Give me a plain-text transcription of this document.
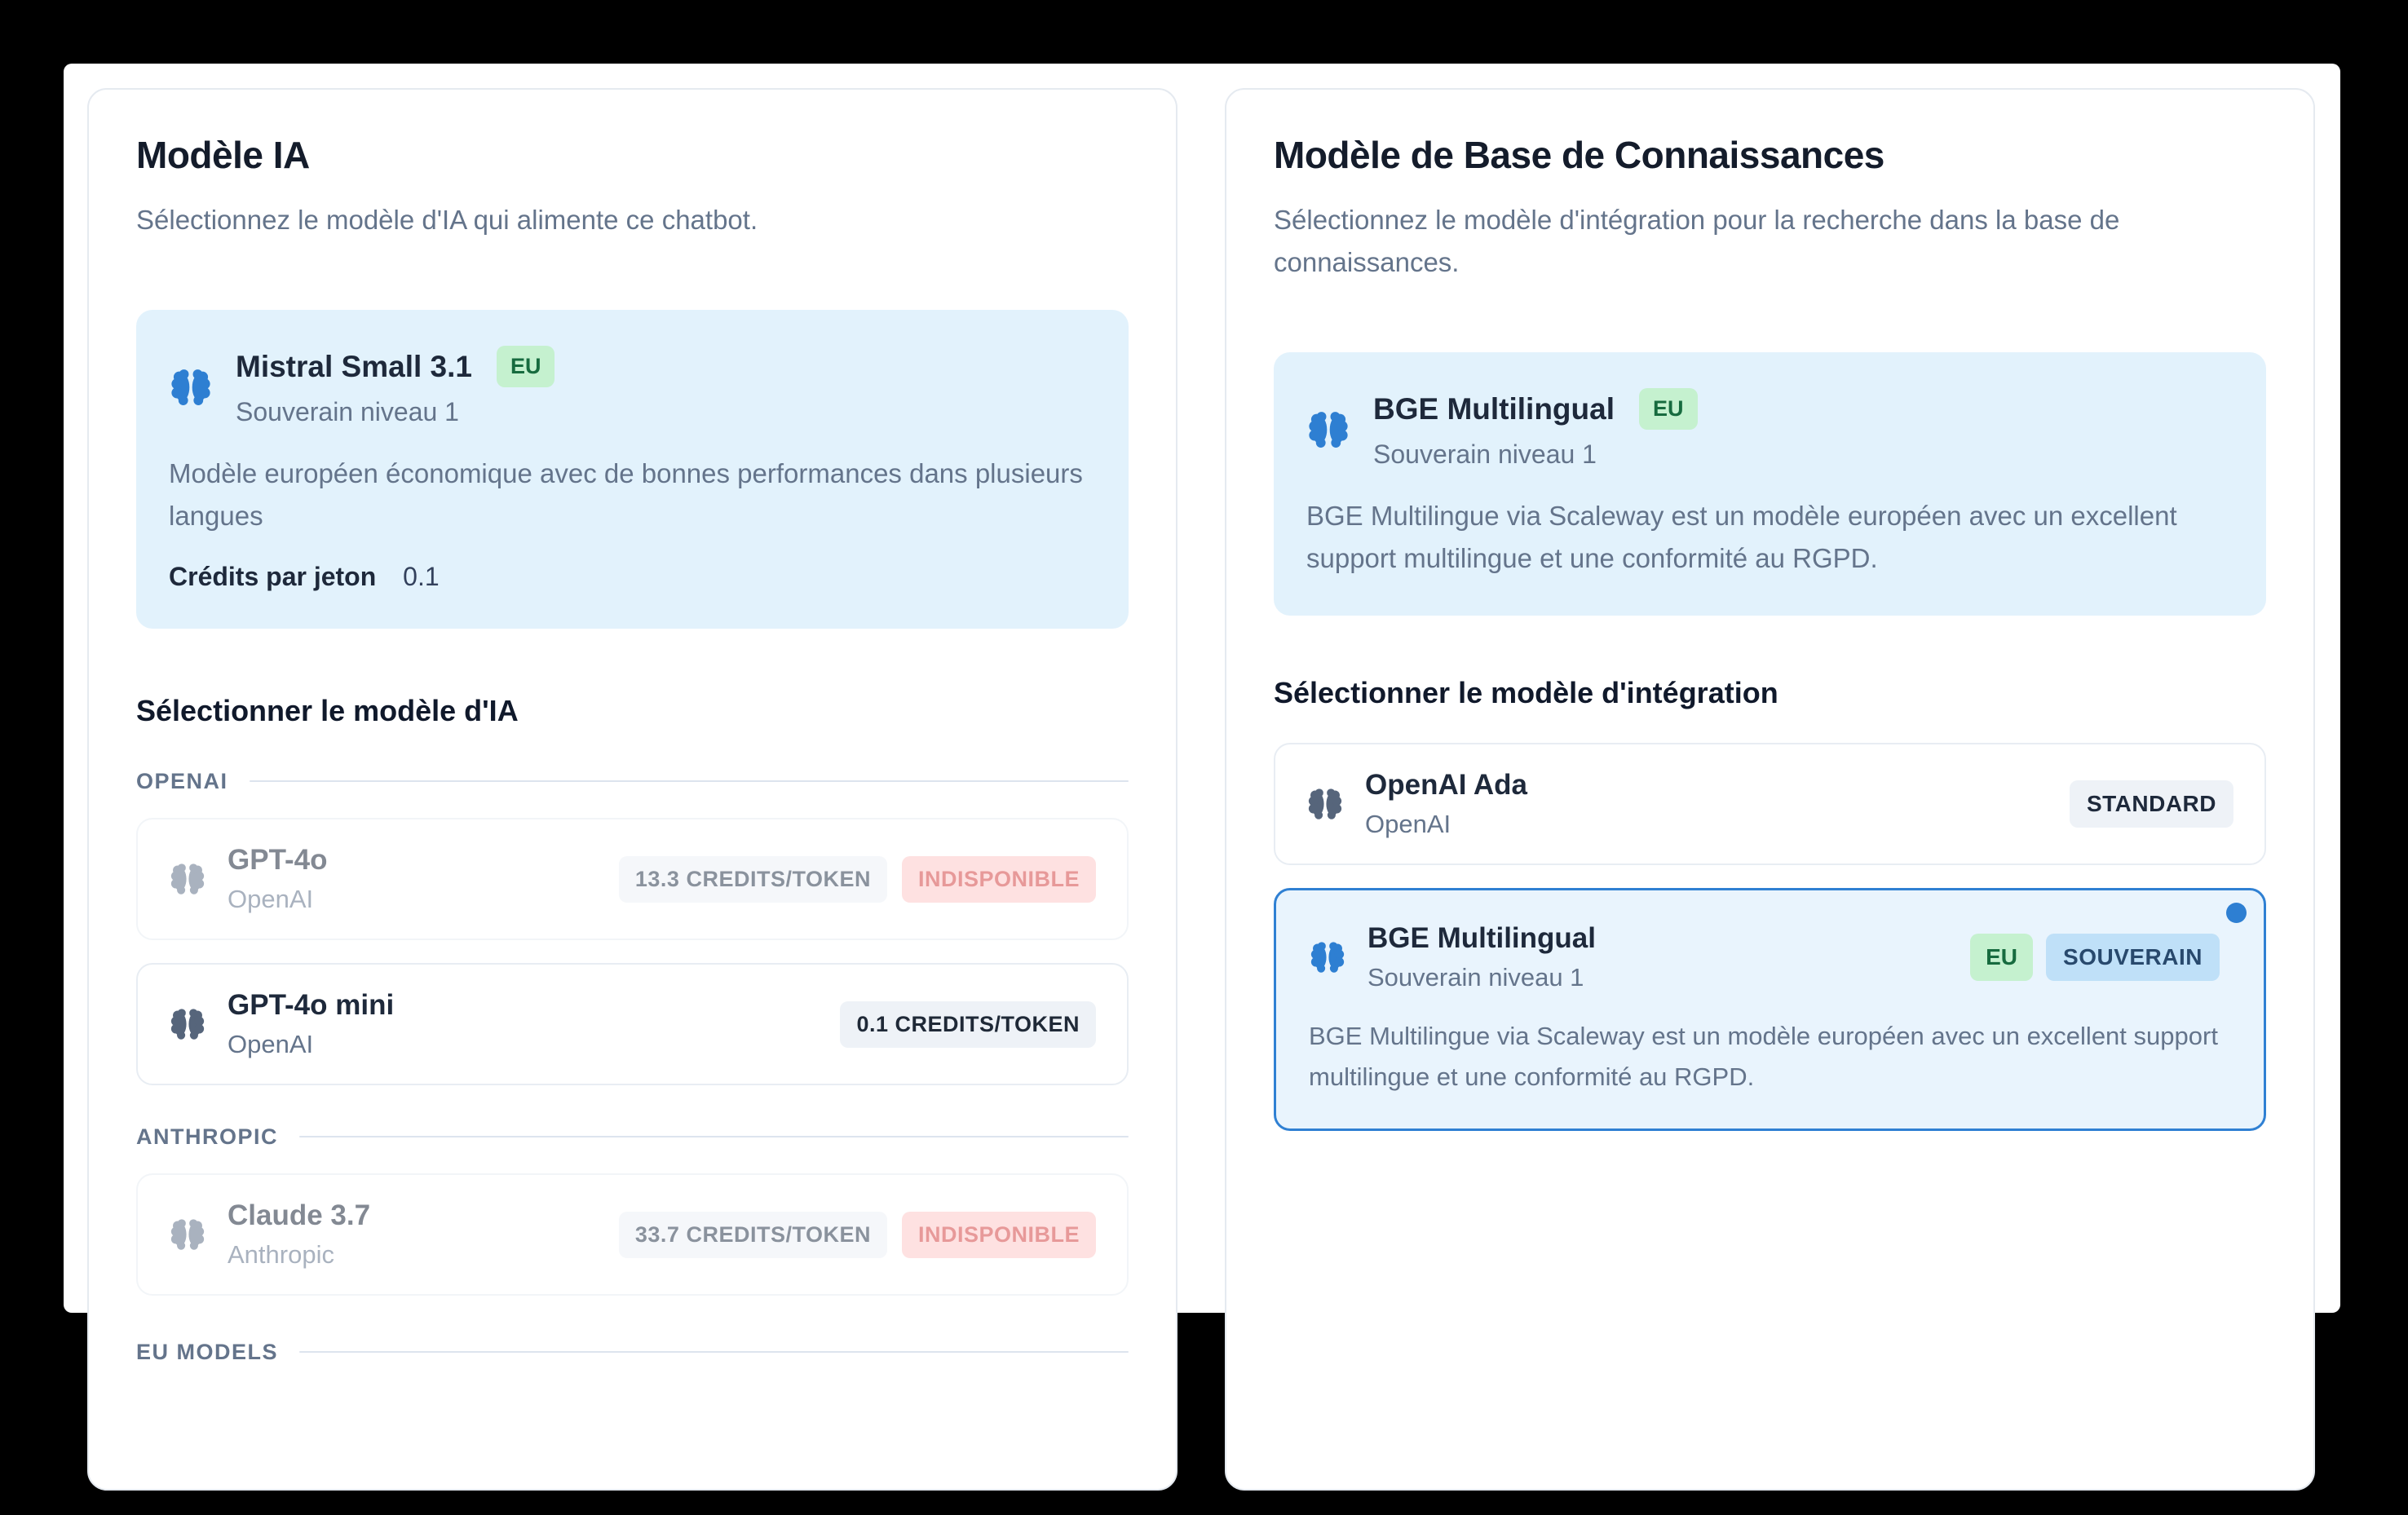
Modèle IA

Sélectionnez le modèle d'IA qui alimente ce chatbot.

Mistral Small 3.1	EU
Souverain niveau 1

Modèle européen économique avec de bonnes performances dans plusieurs langues

Crédits par jeton 0.1
Sélectionner le modèle d'IA
OPENAI
GPT-4o
OpenAI
13.3 CREDITS/TOKEN	INDISPONIBLE
GPT-4o mini
OpenAI
0.1 CREDITS/TOKEN
ANTHROPIC
Claude 3.7
Anthropic
33.7 CREDITS/TOKEN	INDISPONIBLE
EU MODELS
Modèle de Base de Connaissances

Sélectionnez le modèle d'intégration pour la recherche dans la base de connaissances.

BGE Multilingual	EU
Souverain niveau 1

BGE Multilingue via Scaleway est un modèle européen avec un excellent support multilingue et une conformité au RGPD.

Sélectionner le modèle d'intégration
OpenAI Ada
OpenAI
STANDARD
BGE Multilingual
Souverain niveau 1
EU	SOUVERAIN

BGE Multilingue via Scaleway est un modèle européen avec un excellent support multilingue et une conformité au RGPD.
